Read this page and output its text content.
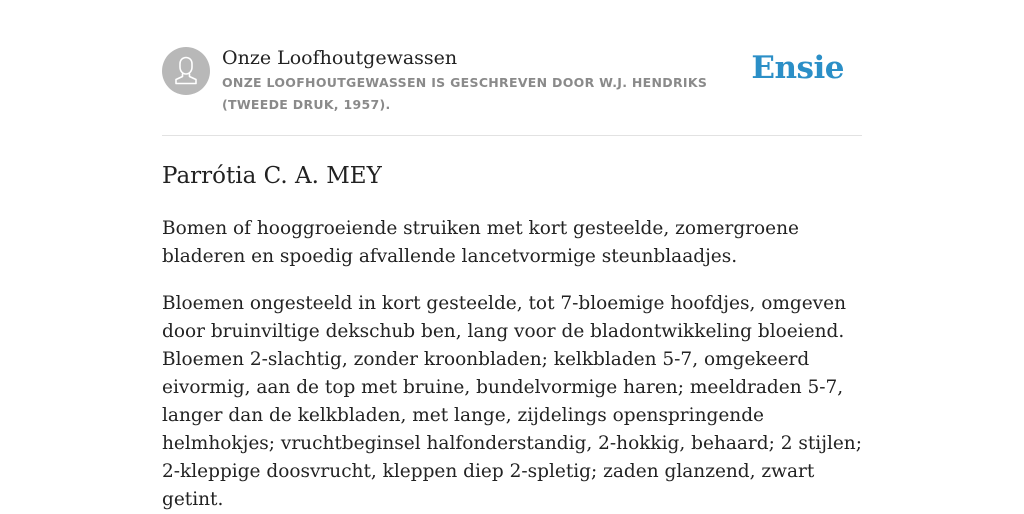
Onze Loofhoutgewassen

ONZE LOOFHOUTGEWASSEN IS GESCHREVEN DOOR W.J. HENDRIKS (TWEEDE DRUK, 1957).

Ensie
Parrótia C. A. MEY

Bomen of hooggroeiende struiken met kort gesteelde, zomergroene bladeren en spoedig afvallende lancetvormige steunblaadjes.

Bloemen ongesteeld in kort gesteelde, tot 7-bloemige hoofdjes, omgeven door bruinviltige dekschub ben, lang voor de bladontwikkeling bloeiend. Bloemen 2-slachtig, zonder kroonbladen; kelkbladen 5-7, omgekeerd eivormig, aan de top met bruine, bundelvormige haren; meeldraden 5-7, langer dan de kelkbladen, met lange, zijdelings openspringende helmhokjes; vruchtbeginsel halfonderstandig, 2-hokkig, behaard; 2 stijlen; 2-kleppige doosvrucht, kleppen diep 2-spletig; zaden glanzend, zwart getint.
